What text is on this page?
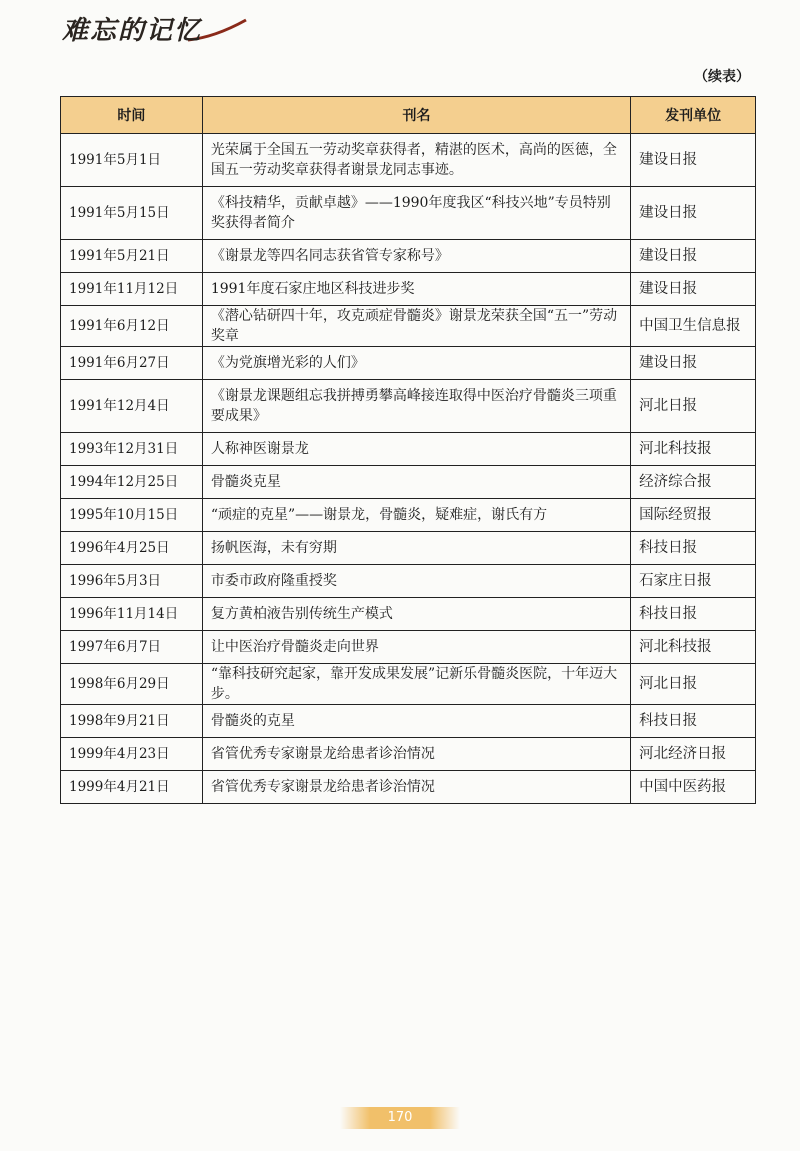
难忘的记忆
（续表）
时间	刊名	发刊单位
1991年5月1日	光荣属于全国五一劳动奖章获得者，精湛的医术，高尚的医德，全国五一劳动奖章获得者谢景龙同志事迹。	建设日报
1991年5月15日	《科技精华，贡献卓越》——1990年度我区“科技兴地”专员特别奖获得者简介	建设日报
1991年5月21日	《谢景龙等四名同志获省管专家称号》	建设日报
1991年11月12日	1991年度石家庄地区科技进步奖	建设日报
1991年6月12日	《潜心钻研四十年，攻克顽症骨髓炎》谢景龙荣获全国“五一”劳动奖章	中国卫生信息报
1991年6月27日	《为党旗增光彩的人们》	建设日报
1991年12月4日	《谢景龙课题组忘我拼搏勇攀高峰接连取得中医治疗骨髓炎三项重要成果》	河北日报
1993年12月31日	人称神医谢景龙	河北科技报
1994年12月25日	骨髓炎克星	经济综合报
1995年10月15日	“顽症的克星”——谢景龙，骨髓炎，疑难症，谢氏有方	国际经贸报
1996年4月25日	扬帆医海，未有穷期	科技日报
1996年5月3日	市委市政府隆重授奖	石家庄日报
1996年11月14日	复方黄柏液告别传统生产模式	科技日报
1997年6月7日	让中医治疗骨髓炎走向世界	河北科技报
1998年6月29日	“靠科技研究起家，靠开发成果发展”记新乐骨髓炎医院，十年迈大步。	河北日报
1998年9月21日	骨髓炎的克星	科技日报
1999年4月23日	省管优秀专家谢景龙给患者诊治情况	河北经济日报
1999年4月21日	省管优秀专家谢景龙给患者诊治情况	中国中医药报
170
